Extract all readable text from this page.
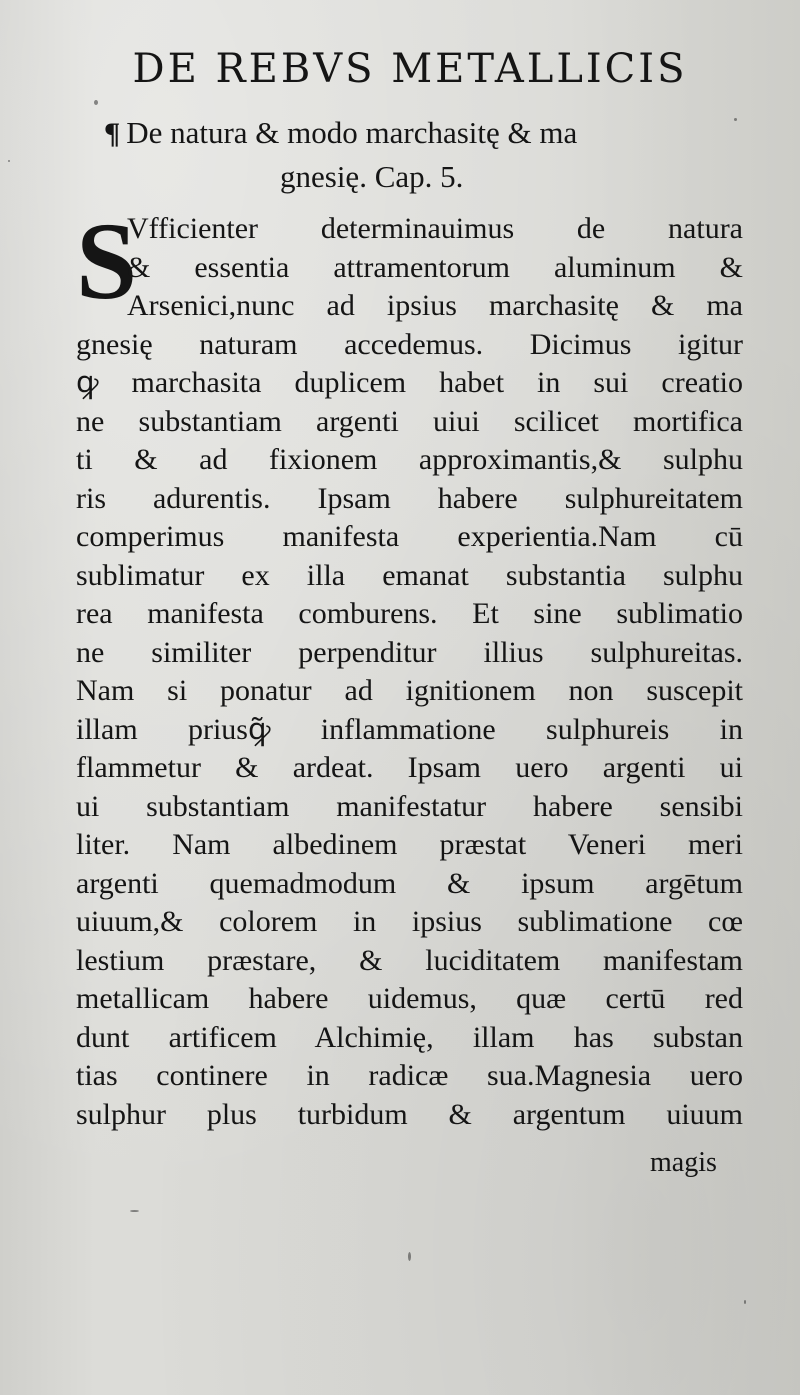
DE REBVS METALLICIS
¶ De natura & modo marchasitę & ma
gnesię. Cap. 5.
S
Vfficienter determinauimus de natura
& essentia attramentorum aluminum &
Arsenici,nunc ad ipsius marchasitę & ma
gnesię naturam accedemus. Dicimus igitur
ꝙ marchasita duplicem habet in sui creatio
ne substantiam argenti uiui scilicet mortifica
ti & ad fixionem approximantis,& sulphu
ris adurentis. Ipsam habere sulphureitatem
comperimus manifesta experientia.Nam cū
sublimatur ex illa emanat substantia sulphu
rea manifesta comburens. Et sine sublimatio
ne similiter perpenditur illius sulphureitas.
Nam si ponatur ad ignitionem non suscepit
illam priusꝙ̃ inflammatione sulphureis in
flammetur & ardeat. Ipsam uero argenti ui
ui substantiam manifestatur habere sensibi
liter. Nam albedinem præstat Veneri meri
argenti quemadmodum & ipsum argētum
uiuum,& colorem in ipsius sublimatione cœ
lestium præstare, & luciditatem manifestam
metallicam habere uidemus, quæ certū red
dunt artificem Alchimię, illam has substan
tias continere in radicæ sua.Magnesia uero
sulphur plus turbidum & argentum uiuum
magis
